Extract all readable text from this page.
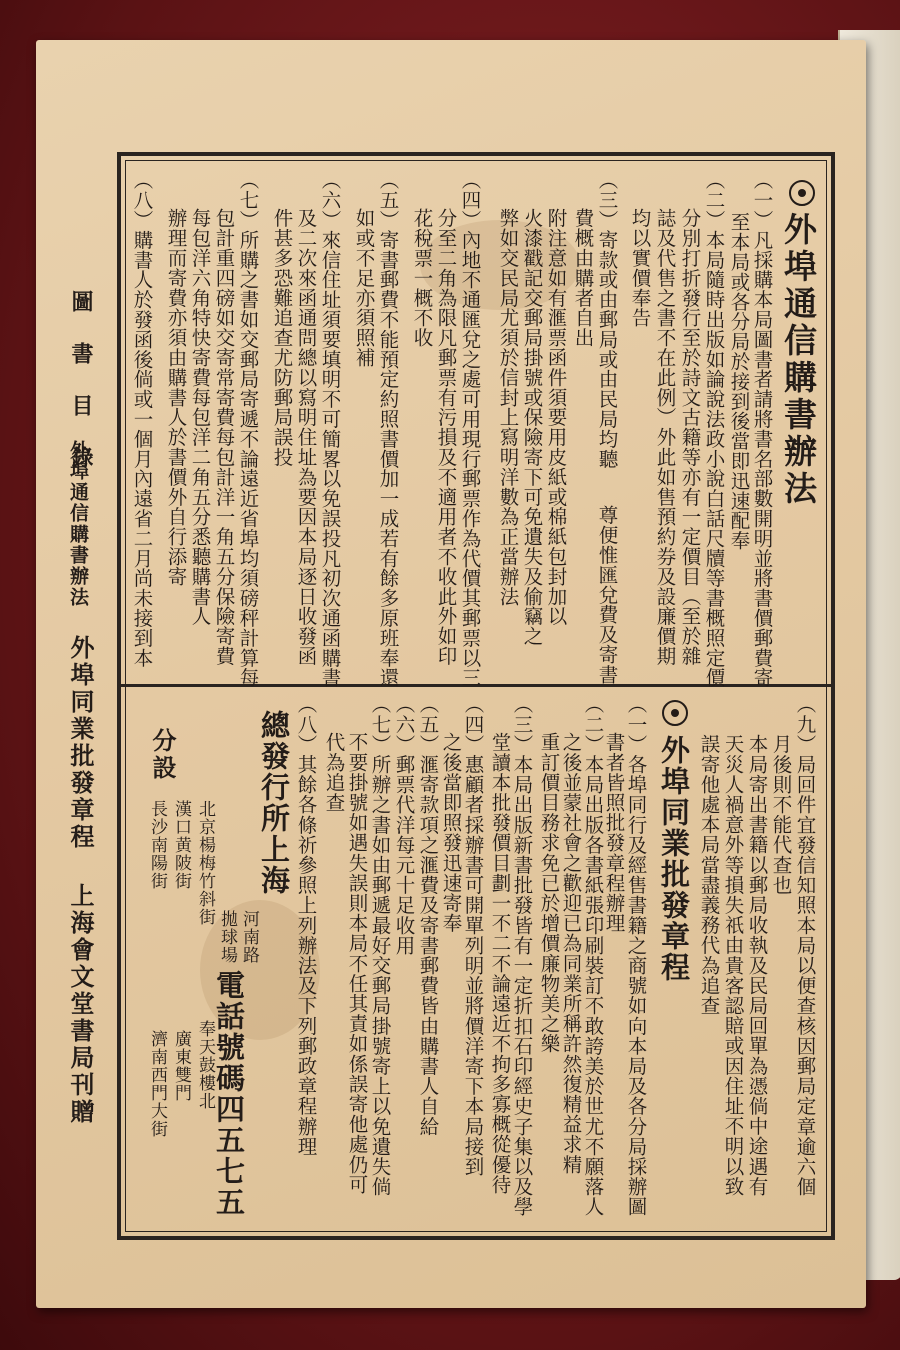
圖 書 目 錄
外埠通信購書辦法
外埠同業批發章程 上海會文堂書局刊贈
外埠通信購書辦法
（一）凡採購本局圖書者請將書名部數開明並將書價郵費寄
至本局或各分局於接到後當即迅速配奉
（二）本局隨時出版如論說法政小說白話尺牘等書概照定價
分別打折發行至於詩文古籍等亦有一定價目（至於雜
誌及代售之書不在此例）外此如售預約券及設廉價期
均以實價奉告
（三）寄款或由郵局或由民局均聽
尊便惟匯兌費及寄書
費概由購者自出
（四）內地不通匯兌之處可用現行郵票作為代價其郵票以三
分至二角為限凡郵票有污損及不適用者不收此外如印
花稅票一概不收	附注意如有滙票函件須要用皮紙或棉紙包封加以
火漆戳記交郵局掛號或保險寄下可免遺失及偷竊之
弊如交民局尤須於信封上寫明洋數為正當辦法
（五）寄書郵費不能預定約照書價加一成若有餘多原班奉還
如或不足亦須照補
（六）來信住址須要填明不可簡畧以免誤投凡初次通函購書
及二次來函通問總以寫明住址為要因本局逐日收發函
件甚多恐難追查尤防郵局誤投
（七）所購之書如交郵局寄遞不論遠近省埠均須磅秤計算每
包計重四磅如交寄常寄費每包計洋一角五分保險寄費
每包洋六角特快寄費每包洋二角五分悉聽購書人
辦理而寄費亦須由購書人於書價外自行添寄
（八）購書人於發函後倘或一個月內遠省二月尚未接到本
（九）局回件宜發信知照本局以便查核因郵局定章逾六個
月後則不能代查也
本局寄出書籍以郵局收執及民局回單為憑倘中途遇有
天災人禍意外等損失祇由貴客認賠或因住址不明以致
誤寄他處本局當盡義務代為追查
外埠同業批發章程
（一）各埠同行及經售書籍之商號如向本局及各分局採辦圖
書者皆照批發章程辦理
（二）本局出版各書紙張印刷裝訂不敢誇美於世尤不願落人
之後並蒙社會之歡迎已為同業所稱許然復精益求精
重訂價目務求免已於增價廉物美之樂
（三）本局出版新書批發皆有一定折扣石印經史子集以及學
堂讀本批發價目劃一不二不論遠近不拘多寡概從優待
（四）惠顧者採辦書可開單列明並將價洋寄下本局接到
之後當即照發迅速寄奉
（五）滙寄款項之滙費及寄書郵費皆由購書人自給
（六）郵票代洋每元十足收用
（七）所辦之書如由郵遞最好交郵局掛號寄上以免遺失倘
不要掛號如遇失誤則本局不任其責如係誤寄他處仍可
代為追查
（八）其餘各條祈參照上列辦法及下列郵政章程辦理
總發行所上海
河南路
拋球場
電話號碼四五七五
分設
北京楊梅竹斜街
漢口黄陂街
長沙南陽街
奉天鼓樓北
廣東雙門
濟南西門大街
